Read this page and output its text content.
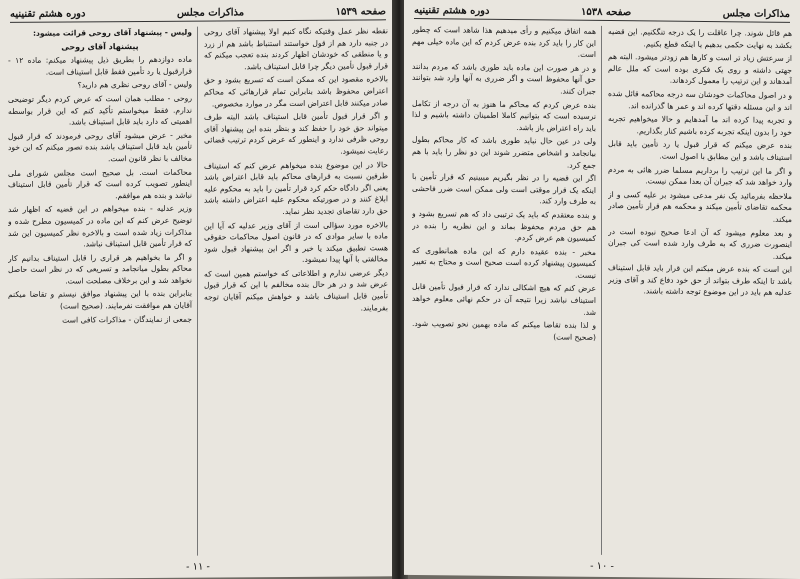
صفحه ۱۵۳۹
مذاکرات مجلس
دوره هشتم تقنینیه

نقطه نظر عمل وقتیکه نگاه کنیم اولا پیشنهاد آقای روحی در جنبه دارد هم از قول خواستند استنباط باشد هم از زرد و یا منطقی که خودشان اظهار کردند بنده تعجب میکنم که قرار قبول تأمین دیگر چرا قابل استیناف باشد.

بالاخره مقصود این که ممکن است که تسریع بشود و حق اعتراض محفوظ باشد بنابراین تمام قرارهائی که محاکم صادر میکنند قابل اعتراض است مگر در موارد مخصوص.

و اگر قرار قبول تأمین قابل استیناف باشد البته طرف میتواند حق خود را حفظ کند و بنظر بنده این پیشنهاد آقای روحی ظرفی ندارد و اینطور که عرض کردم ترتیب قضائی رعایت نمیشود.

حالا در این موضوع بنده میخواهم عرض کنم که استیناف طرفین نسبت به قرارهای محاکم باید قابل اعتراض باشد یعنی اگر دادگاه حکم کرد قرار تأمین را باید به محکوم علیه ابلاغ کنند و در صورتیکه محکوم علیه اعتراض داشته باشد حق دارد تقاضای تجدید نظر نماید.

بالاخره مورد سؤالی است از آقای وزیر عدلیه که آیا این ماده با سایر موادی که در قانون اصول محاکمات حقوقی هست تطبیق میکند یا خیر و اگر این پیشنهاد قبول شود مخالفتی با آنها پیدا نمیشود.

دیگر عرضی ندارم و اطلاعاتی که خواستم همین است که عرض شد و در هر حال بنده مخالفم با این که قرار قبول تأمین قابل استیناف باشد و خواهش میکنم آقایان توجه بفرمایند.

ولیس - پیشنهاد آقای روحی قرائت میشود:

پیشنهاد آقای روحی

ماده دوازدهم را بطریق ذیل پیشنهاد میکنم: ماده ۱۲ - قرارقبول یا رد تأمین فقط قابل استیناف است.

ولیس - آقای روحی نظری هم دارید؟

روحی - مطلب همان است که عرض کردم دیگر توضیحی ندارم. فقط میخواستم تأکید کنم که این قرار بواسطه اهمیتی که دارد باید قابل استیناف باشد.

مخبر - عرض میشود آقای روحی فرمودند که قرار قبول تأمین باید قابل استیناف باشد بنده تصور میکنم که این خود مخالف با نظر قانون است.

محاکمات است. بل صحیح است مجلس شورای ملی اینطور تصویب کرده است که قرار تأمین قابل استیناف نباشد و بنده هم موافقم.

وزیر عدلیه - بنده میخواهم در این قضیه که اظهار شد توضیح عرض کنم که این ماده در کمیسیون مطرح شده و مذاکرات زیاد شده است و بالاخره نظر کمیسیون این شد که قرار تأمین قابل استیناف نباشد.

و اگر ما بخواهیم هر قراری را قابل استیناف بدانیم کار محاکم بطول میانجامد و تسریعی که در نظر است حاصل نخواهد شد و این برخلاف مصلحت است.

بنابراین بنده با این پیشنهاد موافق نیستم و تقاضا میکنم آقایان هم موافقت نفرمایند. (صحیح است)

جمعی از نمایندگان - مذاکرات کافی است

- ۱۱ -
مذاکرات مجلس
صفحه ۱۵۳۸
دوره هشتم تقنینیه

هم قائل شوند. چرا عاقلت را یک درجه تنگکنیم. این قضیه بکشد به نهایت حکمی بدهیم یا اینکه قطع بکنیم.

از سرعتش زیاد تر است و کارها هم زودتر میشود. البته هم جهتی داشته و روی یک فکری بوده است که ملل عالم آمدهاند و این ترتیب را معمول کردهاند.

و در اصول محاکمات خودشان سه درجه محاکمه قائل شده اند و این مسئله دقتها کرده اند و عمر ها گذرانده اند.

و تجربه پیدا کرده اند ما آمدهایم و حالا میخواهیم تجربه خود را بدون اینکه تجربه کرده باشیم کنار بگذاریم.

بنده عرض میکنم که قرار قبول یا رد تأمین باید قابل استیناف باشد و این مطابق با اصول است.

و اگر ما این ترتیب را برداریم مسلما ضرر هائی به مردم وارد خواهد شد که جبران آن بعدا ممکن نیست.

ملاحظه بفرمائید یک نفر مدعی میشود بر علیه کسی و از محکمه تقاضای تأمین میکند و محکمه هم قرار تأمین صادر میکند.

و بعد معلوم میشود که آن ادعا صحیح نبوده است در اینصورت ضرری که به طرف وارد شده است کی جبران میکند.

این است که بنده عرض میکنم این قرار باید قابل استیناف باشد تا اینکه طرف بتواند از حق خود دفاع کند و آقای وزیر عدلیه هم باید در این موضوع توجه داشته باشند.

همه اتفاق میکنیم و رأی میدهیم هذا شاهد است که چطور این کار را باید کرد بنده عرض کردم که این ماده خیلی مهم است.

و در هر صورت این ماده باید طوری باشد که مردم بدانند حق آنها محفوظ است و اگر ضرری به آنها وارد شد بتوانند جبران کنند.

بنده عرض کردم که محاکم ما هنوز به آن درجه از تکامل نرسیده است که بتوانیم کاملا اطمینان داشته باشیم و لذا باید راه اعتراض باز باشد.

ولی در عین حال نباید طوری باشد که کار محاکم بطول بیانجامد و اشخاص متضرر شوند این دو نظر را باید با هم جمع کرد.

اگر این قضیه را در نظر بگیریم میبینیم که قرار تأمین با اینکه یک قرار موقتی است ولی ممکن است ضرر فاحشی به طرف وارد کند.

و بنده معتقدم که باید یک ترتیبی داد که هم تسریع بشود و هم حق مردم محفوظ بماند و این نظریه را بنده در کمیسیون هم عرض کردم.

مخبر - بنده عقیده دارم که این ماده همانطوری که کمیسیون پیشنهاد کرده است صحیح است و محتاج به تغییر نیست.

عرض کنم که هیچ اشکالی ندارد که قرار قبول تأمین قابل استیناف نباشد زیرا نتیجه آن در حکم نهائی معلوم خواهد شد.

و لذا بنده تقاضا میکنم که ماده بهمین نحو تصویب شود. (صحیح است)

- ۱۰ -
